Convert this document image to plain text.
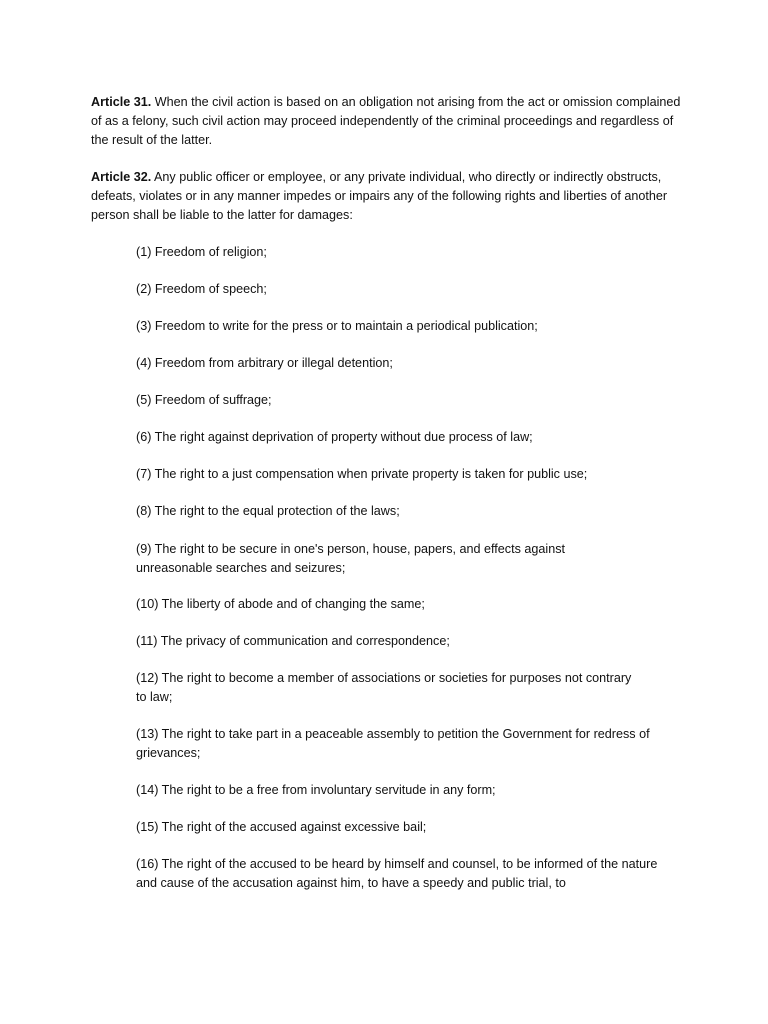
Article 31. When the civil action is based on an obligation not arising from the act or omission complained of as a felony, such civil action may proceed independently of the criminal proceedings and regardless of the result of the latter.

Article 32. Any public officer or employee, or any private individual, who directly or indirectly obstructs, defeats, violates or in any manner impedes or impairs any of the following rights and liberties of another person shall be liable to the latter for damages:

(1) Freedom of religion;

(2) Freedom of speech;

(3) Freedom to write for the press or to maintain a periodical publication;

(4) Freedom from arbitrary or illegal detention;

(5) Freedom of suffrage;

(6) The right against deprivation of property without due process of law;

(7) The right to a just compensation when private property is taken for public use;

(8) The right to the equal protection of the laws;

(9) The right to be secure in one's person, house, papers, and effects against unreasonable searches and seizures;

(10) The liberty of abode and of changing the same;

(11) The privacy of communication and correspondence;

(12) The right to become a member of associations or societies for purposes not contrary to law;

(13) The right to take part in a peaceable assembly to petition the Government for redress of grievances;

(14) The right to be a free from involuntary servitude in any form;

(15) The right of the accused against excessive bail;

(16) The right of the accused to be heard by himself and counsel, to be informed of the nature and cause of the accusation against him, to have a speedy and public trial, to
